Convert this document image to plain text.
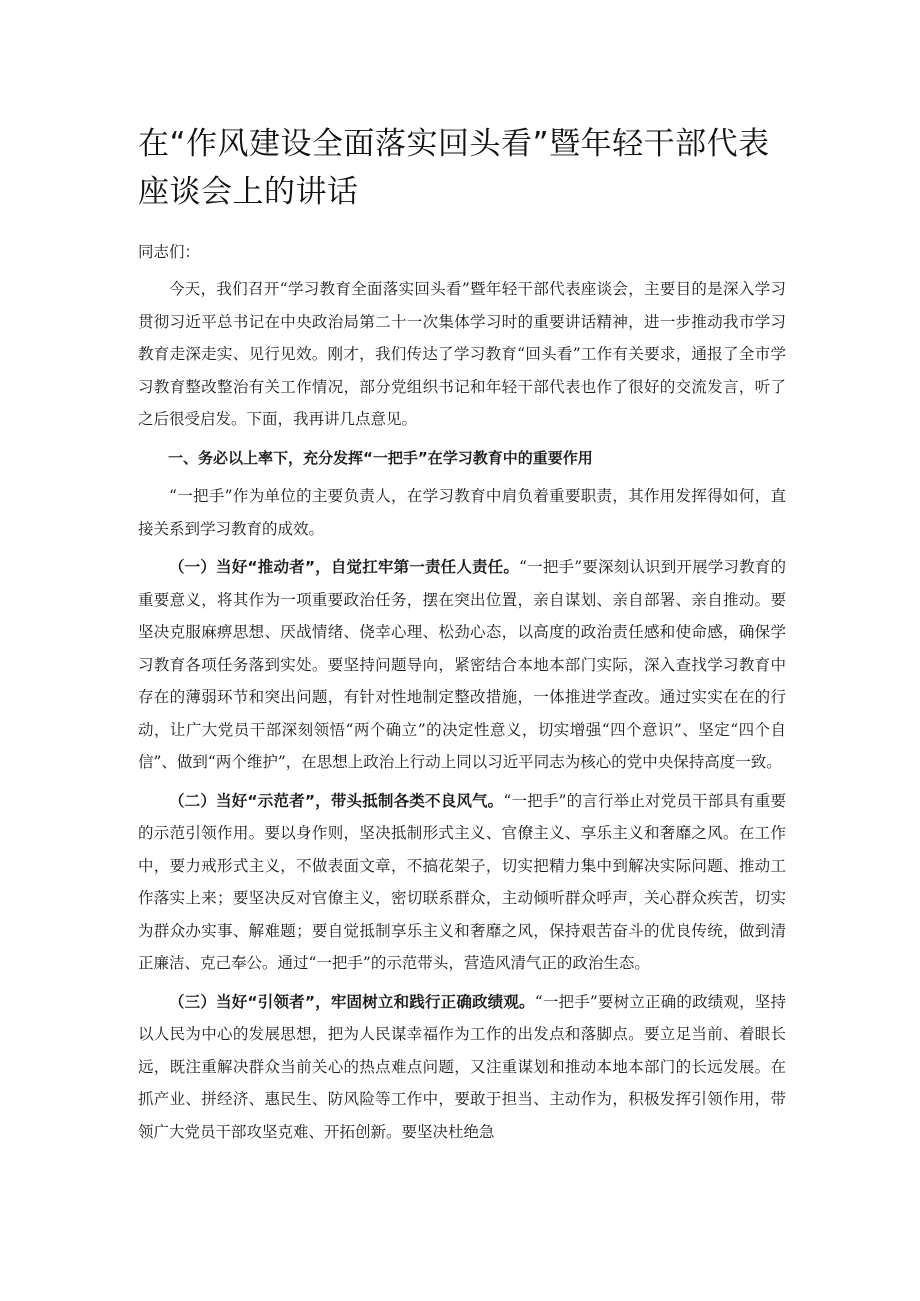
在“作风建设全面落实回头看”暨年轻干部代表座谈会上的讲话
同志们：

今天，我们召开“学习教育全面落实回头看”暨年轻干部代表座谈会，主要目的是深入学习贯彻习近平总书记在中央政治局第二十一次集体学习时的重要讲话精神，进一步推动我市学习教育走深走实、见行见效。刚才，我们传达了学习教育“回头看”工作有关要求，通报了全市学习教育整改整治有关工作情况，部分党组织书记和年轻干部代表也作了很好的交流发言，听了之后很受启发。下面，我再讲几点意见。

一、务必以上率下，充分发挥“一把手”在学习教育中的重要作用

“一把手”作为单位的主要负责人，在学习教育中肩负着重要职责，其作用发挥得如何，直接关系到学习教育的成效。

（一）当好“推动者”，自觉扛牢第一责任人责任。“一把手”要深刻认识到开展学习教育的重要意义，将其作为一项重要政治任务，摆在突出位置，亲自谋划、亲自部署、亲自推动。要坚决克服麻痹思想、厌战情绪、侥幸心理、松劲心态，以高度的政治责任感和使命感，确保学习教育各项任务落到实处。要坚持问题导向，紧密结合本地本部门实际，深入查找学习教育中存在的薄弱环节和突出问题，有针对性地制定整改措施，一体推进学查改。通过实实在在的行动，让广大党员干部深刻领悟“两个确立”的决定性意义，切实增强“四个意识”、坚定“四个自信”、做到“两个维护”，在思想上政治上行动上同以习近平同志为核心的党中央保持高度一致。

（二）当好“示范者”，带头抵制各类不良风气。“一把手”的言行举止对党员干部具有重要的示范引领作用。要以身作则，坚决抵制形式主义、官僚主义、享乐主义和奢靡之风。在工作中，要力戒形式主义，不做表面文章，不搞花架子，切实把精力集中到解决实际问题、推动工作落实上来；要坚决反对官僚主义，密切联系群众，主动倾听群众呼声，关心群众疾苦，切实为群众办实事、解难题；要自觉抵制享乐主义和奢靡之风，保持艰苦奋斗的优良传统，做到清正廉洁、克己奉公。通过“一把手”的示范带头，营造风清气正的政治生态。

（三）当好“引领者”，牢固树立和践行正确政绩观。“一把手”要树立正确的政绩观，坚持以人民为中心的发展思想，把为人民谋幸福作为工作的出发点和落脚点。要立足当前、着眼长远，既注重解决群众当前关心的热点难点问题，又注重谋划和推动本地本部门的长远发展。在抓产业、拼经济、惠民生、防风险等工作中，要敢于担当、主动作为，积极发挥引领作用，带领广大党员干部攻坚克难、开拓创新。要坚决杜绝急
